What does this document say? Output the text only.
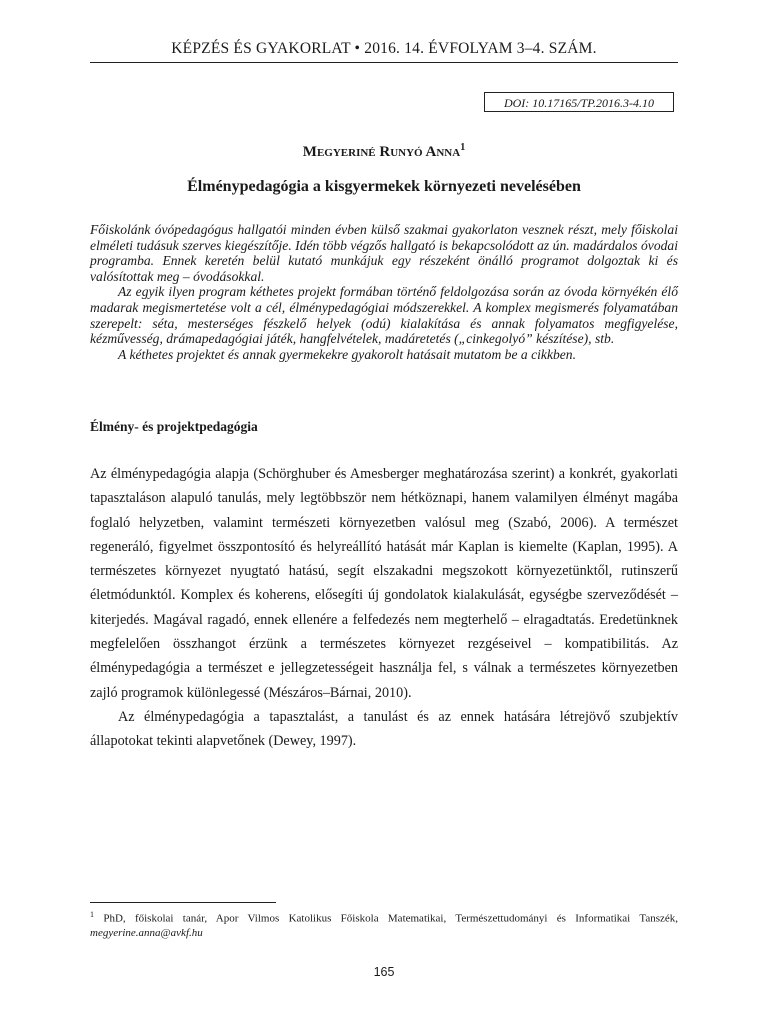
KÉPZÉS ÉS GYAKORLAT • 2016. 14. ÉVFOLYAM 3–4. SZÁM.
DOI: 10.17165/TP.2016.3-4.10
Megyeriné Runyó Anna$^1$
Élménypedagógia a kisgyermekek környezeti nevelésében

Főiskolánk óvópedagógus hallgatói minden évben külső szakmai gyakorlaton vesznek részt, mely főiskolai elméleti tudásuk szerves kiegészítője. Idén több végzős hallgató is bekapcsolódott az ún. madárdalos óvodai programba. Ennek keretén belül kutató munkájuk egy részeként önálló programot dolgoztak ki és valósítottak meg – óvodásokkal.

Az egyik ilyen program kéthetes projekt formában történő feldolgozása során az óvoda környékén élő madarak megismertetése volt a cél, élménypedagógiai módszerekkel. A komplex megismerés folyamatában szerepelt: séta, mesterséges fészkelő helyek (odú) kialakítása és annak folyamatos megfigyelése, kézművesség, drámapedagógiai játék, hangfelvételek, madáretetés („cinkegolyó” készítése), stb.

A kéthetes projektet és annak gyermekekre gyakorolt hatásait mutatom be a cikkben.

Élmény- és projektpedagógia

Az élménypedagógia alapja (Schörghuber és Amesberger meghatározása szerint) a konkrét, gyakorlati tapasztaláson alapuló tanulás, mely legtöbbször nem hétköznapi, hanem valamilyen élményt magába foglaló helyzetben, valamint természeti környezetben valósul meg (Szabó, 2006). A természet regeneráló, figyelmet összpontosító és helyreállító hatását már Kaplan is kiemelte (Kaplan, 1995). A természetes környezet nyugtató hatású, segít elszakadni megszokott környezetünktől, rutinszerű életmódunktól. Komplex és koherens, elősegíti új gondolatok kialakulását, egységbe szerveződését – kiterjedés. Magával ragadó, ennek ellenére a felfedezés nem megterhelő – elragadtatás. Eredetünknek megfelelően összhangot érzünk a természetes környezet rezgéseivel – kompatibilitás. Az élménypedagógia a természet e jellegzetességeit használja fel, s válnak a természetes környezetben zajló programok különlegessé (Mészáros–Bárnai, 2010).

Az élménypedagógia a tapasztalást, a tanulást és az ennek hatására létrejövő szubjektív állapotokat tekinti alapvetőnek (Dewey, 1997).

$^1$ PhD, főiskolai tanár, Apor Vilmos Katolikus Főiskola Matematikai, Természettudományi és Informatikai Tanszék, megyerine.anna@avkf.hu
165
